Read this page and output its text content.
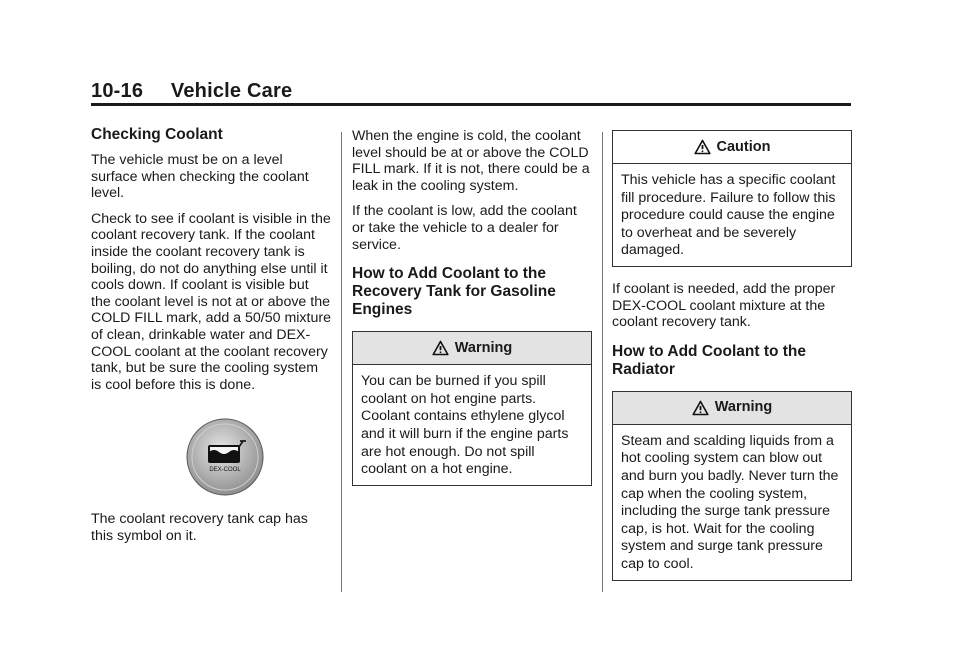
10-16 Vehicle Care
Checking Coolant

The vehicle must be on a level surface when checking the coolant level.

Check to see if coolant is visible in the coolant recovery tank. If the coolant inside the coolant recovery tank is boiling, do not do anything else until it cools down. If coolant is visible but the coolant level is not at or above the COLD FILL mark, add a 50/50 mixture of clean, drinkable water and DEX-COOL coolant at the coolant recovery tank, but be sure the cooling system is cool before this is done.

DEX-COOL

The coolant recovery tank cap has this symbol on it.

When the engine is cold, the coolant level should be at or above the COLD FILL mark. If it is not, there could be a leak in the cooling system.

If the coolant is low, add the coolant or take the vehicle to a dealer for service.

How to Add Coolant to the Recovery Tank for Gasoline Engines
Warning
You can be burned if you spill coolant on hot engine parts. Coolant contains ethylene glycol and it will burn if the engine parts are hot enough. Do not spill coolant on a hot engine.
Caution
This vehicle has a specific coolant fill procedure. Failure to follow this procedure could cause the engine to overheat and be severely damaged.

If coolant is needed, add the proper DEX-COOL coolant mixture at the coolant recovery tank.

How to Add Coolant to the Radiator
Warning
Steam and scalding liquids from a hot cooling system can blow out and burn you badly. Never turn the cap when the cooling system, including the surge tank pressure cap, is hot. Wait for the cooling system and surge tank pressure cap to cool.
